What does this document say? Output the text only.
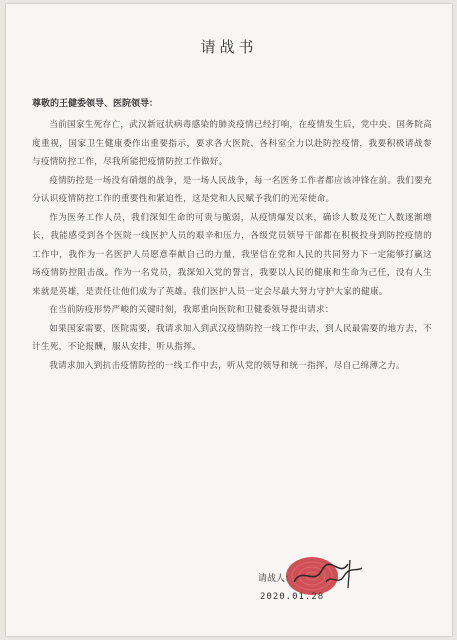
请战书
尊敬的王健委领导、医院领导：

当前国家生死存亡，武汉新冠状病毒感染的肺炎疫情已经打响，在疫情发生后，党中央、国务院高度重视，国家卫生健康委作出重要指示，要求各大医院、各科室全力以赴防控疫情，我要积极请战参与疫情防控工作，尽我所能把疫情防控工作做好。

疫情防控是一场没有硝烟的战争，是一场人民战争，每一名医务工作者都应该冲锋在前。我们要充分认识疫情防控工作的重要性和紧迫性，这是党和人民赋予我们的光荣使命。

作为医务工作人员，我们深知生命的可贵与脆弱，从疫情爆发以来，确诊人数及死亡人数逐渐增长，我能感受到各个医院一线医护人员的艰辛和压力，各级党员领导干部都在积极投身到防控疫情的工作中，我作为一名医护人员愿意奉献自己的力量，我坚信在党和人民的共同努力下一定能够打赢这场疫情防控阻击战。作为一名党员，我深知入党的誓言，我要以人民的健康和生命为己任，没有人生来就是英雄，是责任让他们成为了英雄。我们医护人员一定会尽最大努力守护大家的健康。

在当前防疫形势严峻的关键时刻，我郑重向医院和卫健委领导提出请求：

如果国家需要，医院需要，我请求加入到武汉疫情防控一线工作中去，到人民最需要的地方去，不计生死，不论报酬，服从安排，听从指挥。

我请求加入到抗击疫情防控的一线工作中去，听从党的领导和统一指挥，尽自己绵薄之力。

请战人：
2020.01.28
